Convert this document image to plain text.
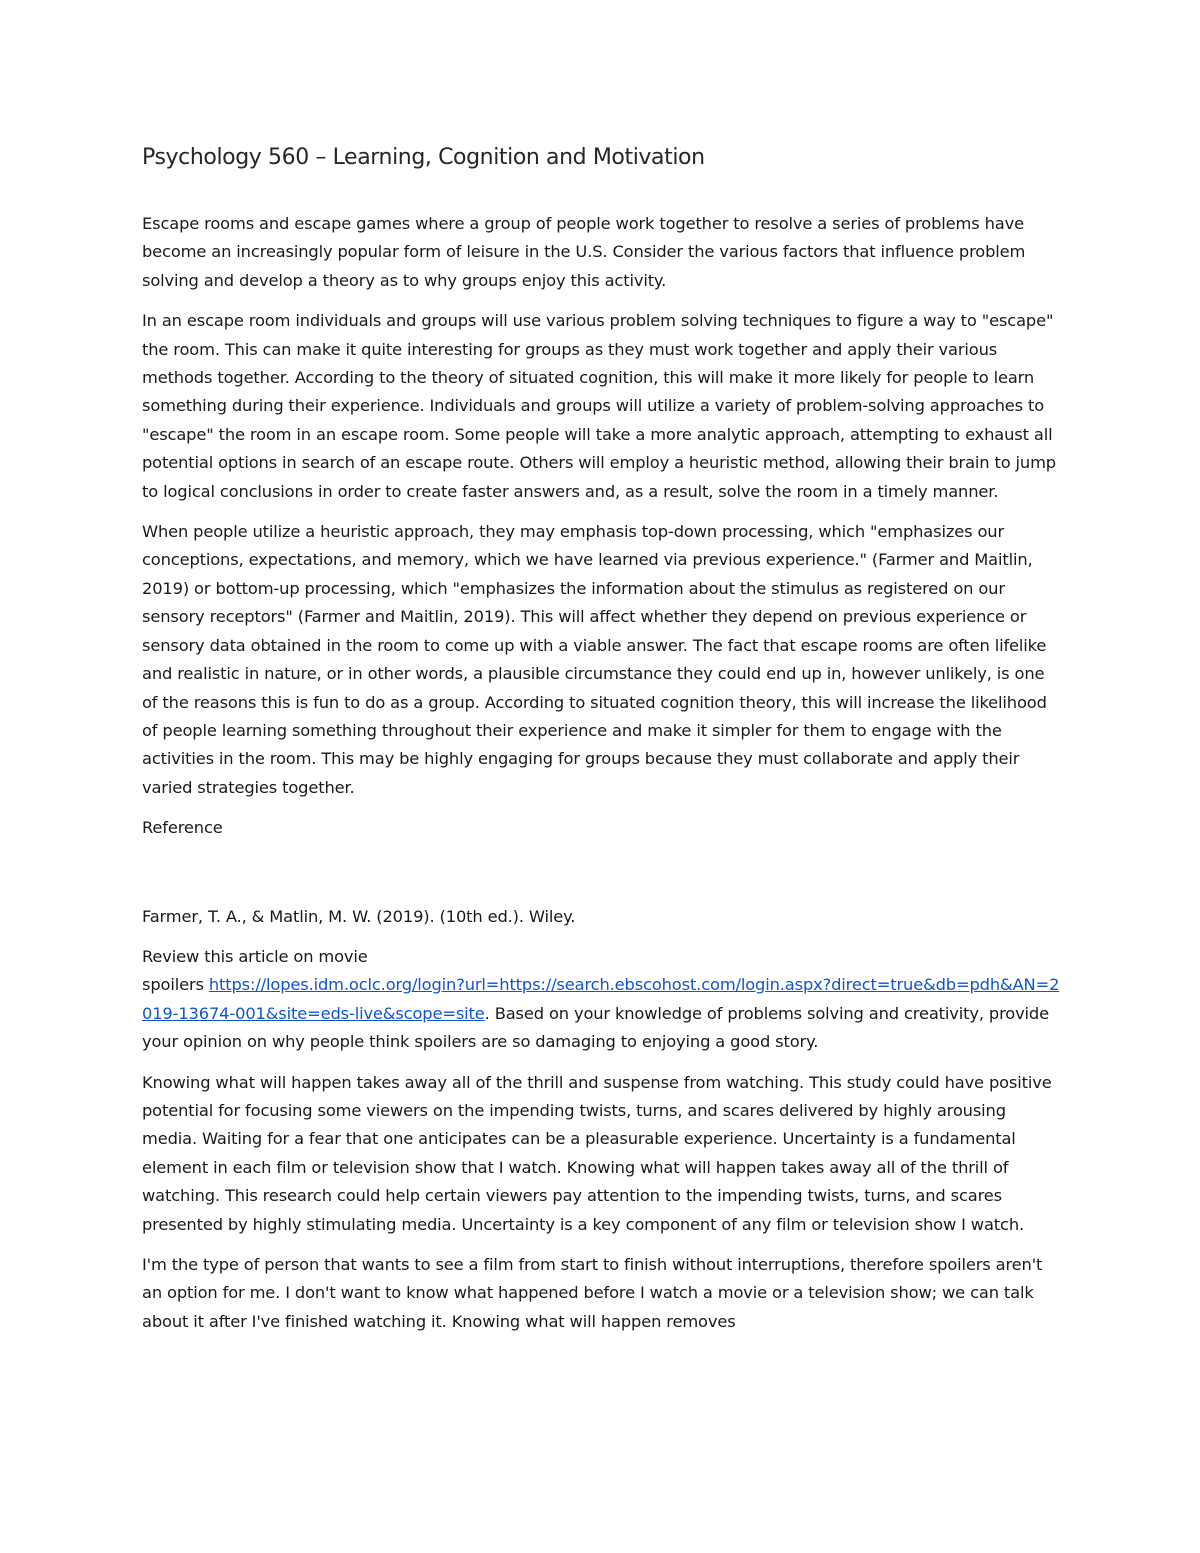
Psychology 560 – Learning, Cognition and Motivation

Escape rooms and escape games where a group of people work together to resolve a series of problems have become an increasingly popular form of leisure in the U.S. Consider the various factors that influence problem solving and develop a theory as to why groups enjoy this activity.

In an escape room individuals and groups will use various problem solving techniques to figure a way to "escape" the room. This can make it quite interesting for groups as they must work together and apply their various methods together. According to the theory of situated cognition, this will make it more likely for people to learn something during their experience. Individuals and groups will utilize a variety of problem-solving approaches to "escape" the room in an escape room. Some people will take a more analytic approach, attempting to exhaust all potential options in search of an escape route. Others will employ a heuristic method, allowing their brain to jump to logical conclusions in order to create faster answers and, as a result, solve the room in a timely manner.

When people utilize a heuristic approach, they may emphasis top-down processing, which "emphasizes our conceptions, expectations, and memory, which we have learned via previous experience." (Farmer and Maitlin, 2019) or bottom-up processing, which "emphasizes the information about the stimulus as registered on our sensory receptors" (Farmer and Maitlin, 2019). This will affect whether they depend on previous experience or sensory data obtained in the room to come up with a viable answer. The fact that escape rooms are often lifelike and realistic in nature, or in other words, a plausible circumstance they could end up in, however unlikely, is one of the reasons this is fun to do as a group. According to situated cognition theory, this will increase the likelihood of people learning something throughout their experience and make it simpler for them to engage with the activities in the room. This may be highly engaging for groups because they must collaborate and apply their varied strategies together.

Reference

Farmer, T. A., & Matlin, M. W. (2019). (10th ed.). Wiley.

Review this article on movie
spoilers https://lopes.idm.oclc.org/login?url=https://search.ebscohost.com/login.aspx?direct=true&db=pdh&AN=2019-13674-001&site=eds-live&scope=site. Based on your knowledge of problems solving and creativity, provide your opinion on why people think spoilers are so damaging to enjoying a good story.

Knowing what will happen takes away all of the thrill and suspense from watching. This study could have positive potential for focusing some viewers on the impending twists, turns, and scares delivered by highly arousing media. Waiting for a fear that one anticipates can be a pleasurable experience. Uncertainty is a fundamental element in each film or television show that I watch. Knowing what will happen takes away all of the thrill of watching. This research could help certain viewers pay attention to the impending twists, turns, and scares presented by highly stimulating media. Uncertainty is a key component of any film or television show I watch.

I'm the type of person that wants to see a film from start to finish without interruptions, therefore spoilers aren't an option for me. I don't want to know what happened before I watch a movie or a television show; we can talk about it after I've finished watching it. Knowing what will happen removes
